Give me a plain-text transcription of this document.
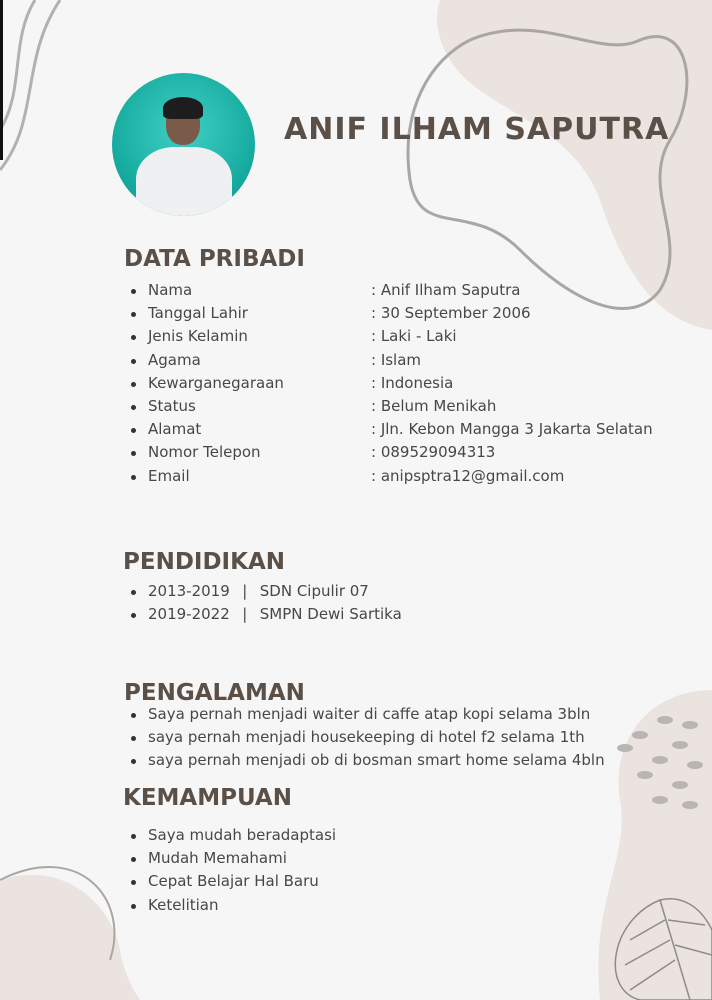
ANIF ILHAM SAPUTRA
DATA PRIBADI
Nama	: Anif Ilham Saputra
Tanggal Lahir	: 30 September 2006
Jenis Kelamin	: Laki - Laki
Agama	: Islam
Kewarganegaraan	: Indonesia
Status	: Belum Menikah
Alamat	: Jln. Kebon Mangga 3 Jakarta Selatan
Nomor Telepon	: 089529094313
Email	: anipsptra12@gmail.com
PENDIDIKAN
2013-2019 | SDN Cipulir 07
2019-2022 | SMPN Dewi Sartika
PENGALAMAN
Saya pernah menjadi waiter di caffe atap kopi selama 3bln
saya pernah menjadi housekeeping di hotel f2 selama 1th
saya pernah menjadi ob di bosman smart home selama 4bln
KEMAMPUAN
Saya mudah beradaptasi
Mudah Memahami
Cepat Belajar Hal Baru
Ketelitian
